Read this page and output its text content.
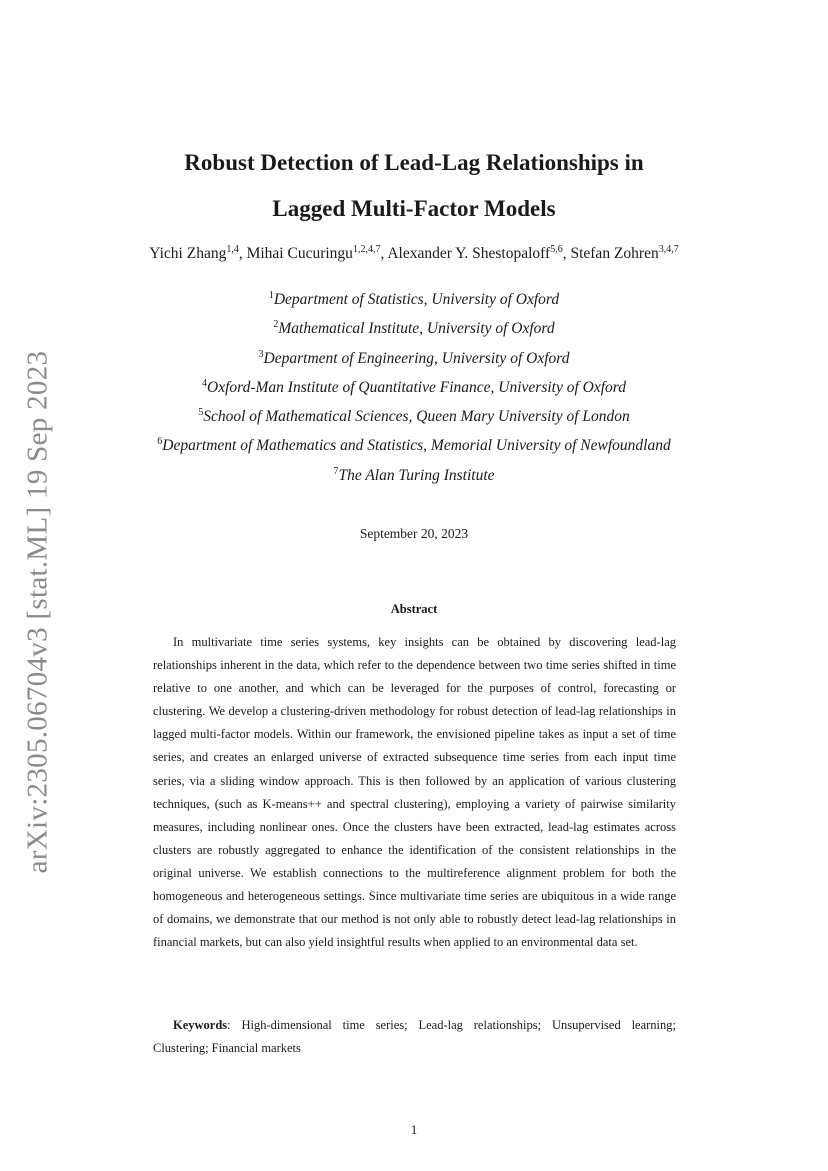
arXiv:2305.06704v3 [stat.ML] 19 Sep 2023
Robust Detection of Lead-Lag Relationships in
Lagged Multi-Factor Models
Yichi Zhang$^{1,4}$, Mihai Cucuringu$^{1,2,4,7}$, Alexander Y. Shestopaloff$^{5,6}$, Stefan Zohren$^{3,4,7}$
$^1$Department of Statistics, University of Oxford
$^2$Mathematical Institute, University of Oxford
$^3$Department of Engineering, University of Oxford
$^4$Oxford-Man Institute of Quantitative Finance, University of Oxford
$^5$School of Mathematical Sciences, Queen Mary University of London
$^6$Department of Mathematics and Statistics, Memorial University of Newfoundland
$^7$The Alan Turing Institute
September 20, 2023
Abstract
In multivariate time series systems, key insights can be obtained by discovering lead-lag relationships inherent in the data, which refer to the dependence between two time series shifted in time relative to one another, and which can be leveraged for the purposes of control, forecasting or clustering. We develop a clustering-driven methodology for robust detection of lead-lag relationships in lagged multi-factor models. Within our framework, the envisioned pipeline takes as input a set of time series, and creates an enlarged universe of extracted subsequence time series from each input time series, via a sliding window approach. This is then followed by an application of various clustering techniques, (such as K-means++ and spectral clustering), employing a variety of pairwise similarity measures, including nonlinear ones. Once the clusters have been extracted, lead-lag estimates across clusters are robustly aggregated to enhance the identification of the consistent relationships in the original universe. We establish connections to the multireference alignment problem for both the homogeneous and heterogeneous settings. Since multivariate time series are ubiquitous in a wide range of domains, we demonstrate that our method is not only able to robustly detect lead-lag relationships in financial markets, but can also yield insightful results when applied to an environmental data set.
Keywords: High-dimensional time series; Lead-lag relationships; Unsupervised learning; Clustering; Financial markets
1
